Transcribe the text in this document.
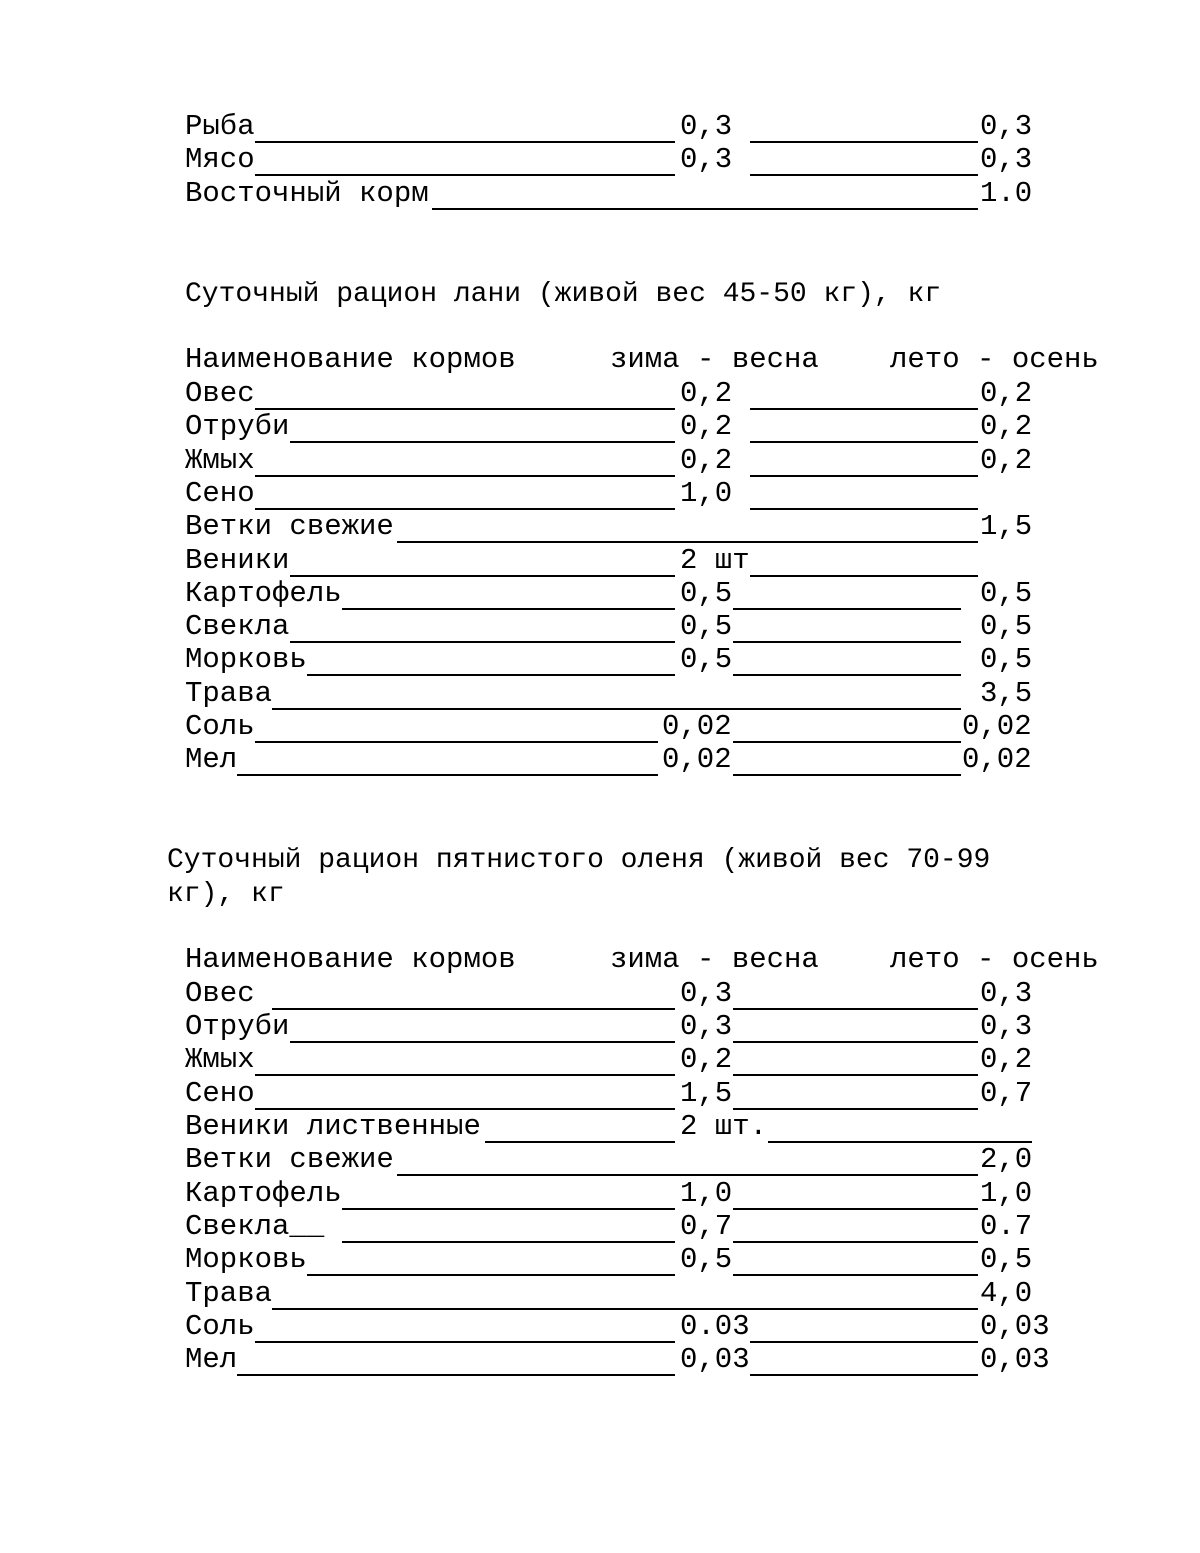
Рыба	0,3	0,3
Мясо	0,3	0,3
Восточный корм	1.0
Суточный рацион лани (живой вес 45-50 кг), кг
Наименование кормов	зима - весна лето - осень
Овес	0,2	0,2
Отруби	0,2	0,2
Жмых	0,2	0,2
Сено	1,0
Ветки свежие	1,5
Веники	2 шт
Картофель	0,5	0,5
Свекла	0,5	0,5
Морковь	0,5	0,5
Трава	3,5
Соль	0,02	0,02
Мел	0,02	0,02
Суточный рацион пятнистого оленя (живой вес 70-99
кг), кг
Наименование кормов	зима - весна лето - осень
Овес	0,3	0,3
Отруби	0,3	0,3
Жмых	0,2	0,2
Сено	1,5	0,7
Веники лиственные	2 шт.
Ветки свежие	2,0
Картофель	1,0	1,0
Свекла__	0,7	0.7
Морковь	0,5	0,5
Трава	4,0
Соль	0.03	0,03
Мел	0,03	0,03
